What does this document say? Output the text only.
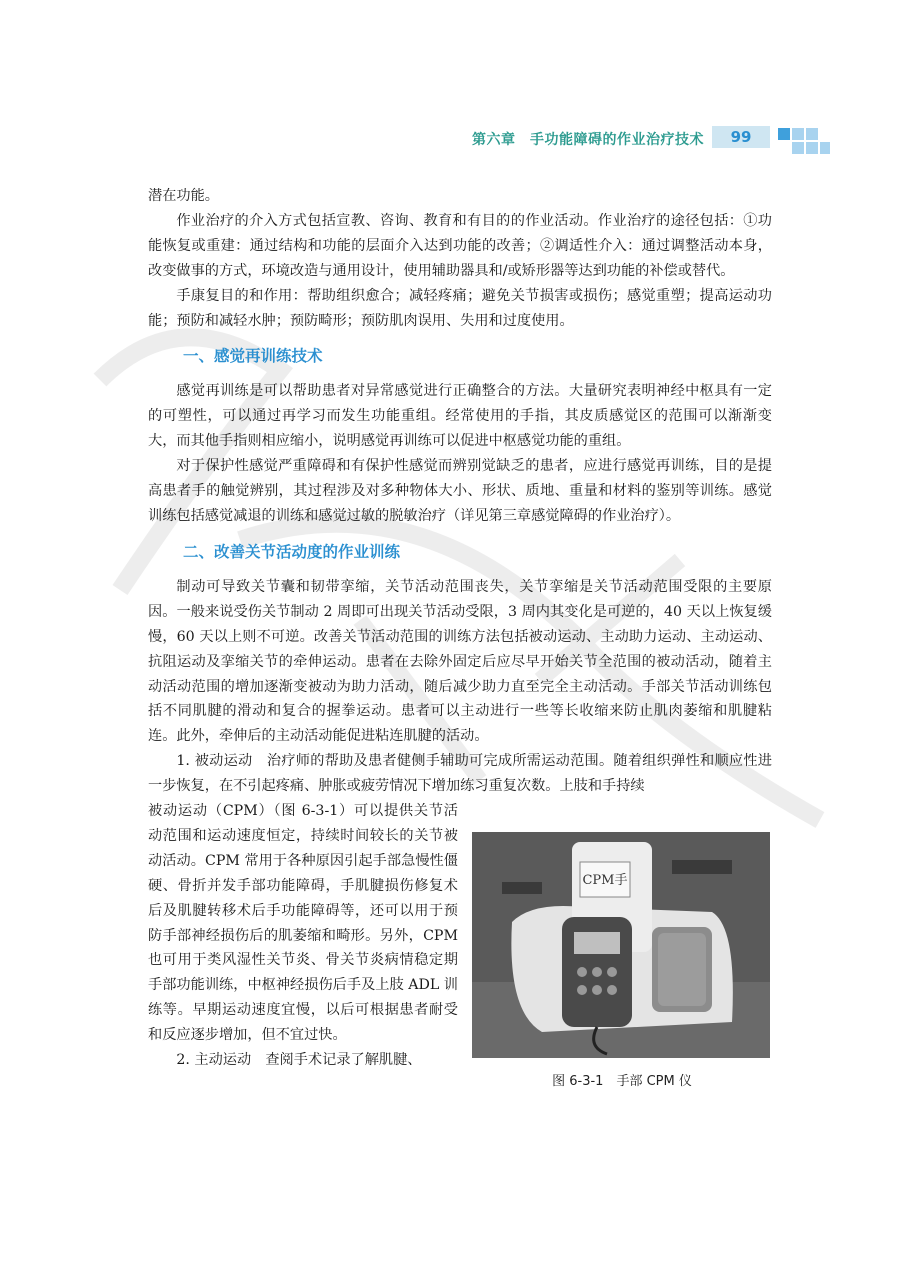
第六章　手功能障碍的作业治疗技术	99

潜在功能。

作业治疗的介入方式包括宣教、咨询、教育和有目的的作业活动。作业治疗的途径包括：①功能恢复或重建：通过结构和功能的层面介入达到功能的改善；②调适性介入：通过调整活动本身，改变做事的方式，环境改造与通用设计，使用辅助器具和/或矫形器等达到功能的补偿或替代。

手康复目的和作用：帮助组织愈合；减轻疼痛；避免关节损害或损伤；感觉重塑；提高运动功能；预防和减轻水肿；预防畸形；预防肌肉误用、失用和过度使用。

一、感觉再训练技术

感觉再训练是可以帮助患者对异常感觉进行正确整合的方法。大量研究表明神经中枢具有一定的可塑性，可以通过再学习而发生功能重组。经常使用的手指，其皮质感觉区的范围可以渐渐变大，而其他手指则相应缩小，说明感觉再训练可以促进中枢感觉功能的重组。

对于保护性感觉严重障碍和有保护性感觉而辨别觉缺乏的患者，应进行感觉再训练，目的是提高患者手的触觉辨别，其过程涉及对多种物体大小、形状、质地、重量和材料的鉴别等训练。感觉训练包括感觉减退的训练和感觉过敏的脱敏治疗（详见第三章感觉障碍的作业治疗）。

二、改善关节活动度的作业训练

制动可导致关节囊和韧带挛缩，关节活动范围丧失，关节挛缩是关节活动范围受限的主要原因。一般来说受伤关节制动 2 周即可出现关节活动受限，3 周内其变化是可逆的，40 天以上恢复缓慢，60 天以上则不可逆。改善关节活动范围的训练方法包括被动运动、主动助力运动、主动运动、抗阻运动及挛缩关节的牵伸运动。患者在去除外固定后应尽早开始关节全范围的被动活动，随着主动活动范围的增加逐渐变被动为助力活动，随后减少助力直至完全主动活动。手部关节活动训练包括不同肌腱的滑动和复合的握拳运动。患者可以主动进行一些等长收缩来防止肌肉萎缩和肌腱粘连。此外，牵伸后的主动活动能促进粘连肌腱的活动。

1. 被动运动　治疗师的帮助及患者健侧手辅助可完成所需运动范围。随着组织弹性和顺应性进一步恢复，在不引起疼痛、肿胀或疲劳情况下增加练习重复次数。上肢和手持续

被动运动（CPM）（图 6-3-1）可以提供关节活动范围和运动速度恒定，持续时间较长的关节被动活动。CPM 常用于各种原因引起手部急慢性僵硬、骨折并发手部功能障碍，手肌腱损伤修复术后及肌腱转移术后手功能障碍等，还可以用于预防手部神经损伤后的肌萎缩和畸形。另外，CPM 也可用于类风湿性关节炎、骨关节炎病情稳定期手部功能训练，中枢神经损伤后手及上肢 ADL 训练等。早期运动速度宜慢，以后可根据患者耐受和反应逐步增加，但不宜过快。

2. 主动运动　查阅手术记录了解肌腱、

CPM手
图 6-3-1　手部 CPM 仪
